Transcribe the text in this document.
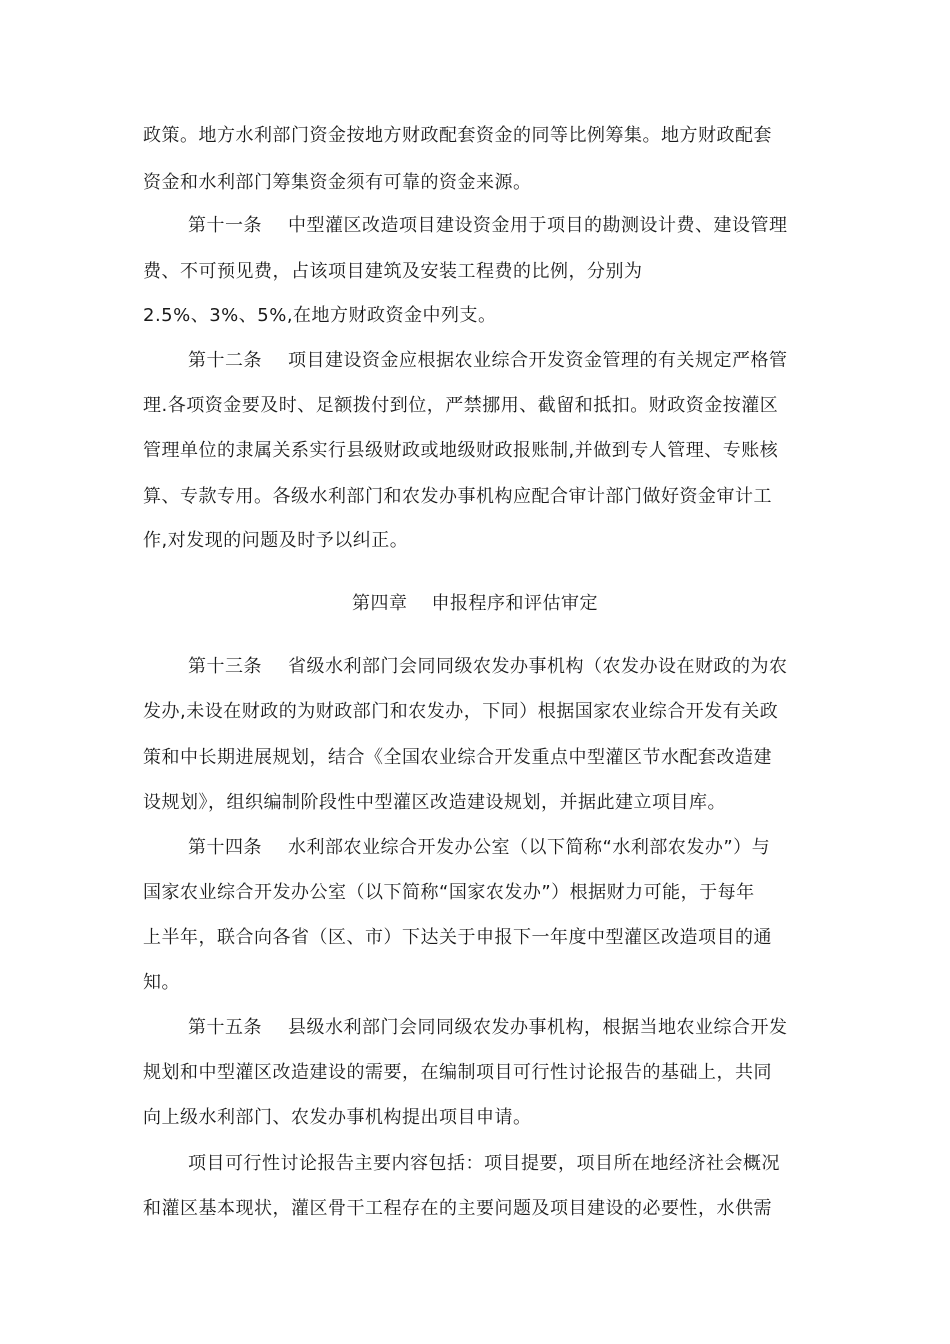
政策。地方水利部门资金按地方财政配套资金的同等比例筹集。地方财政配套
资金和水利部门筹集资金须有可靠的资金来源。
第十一条 中型灌区改造项目建设资金用于项目的勘测设计费、建设管理
费、不可预见费，占该项目建筑及安装工程费的比例，分别为
2.5%、3%、5%,在地方财政资金中列支。
第十二条 项目建设资金应根据农业综合开发资金管理的有关规定严格管
理.各项资金要及时、足额拨付到位，严禁挪用、截留和抵扣。财政资金按灌区
管理单位的隶属关系实行县级财政或地级财政报账制,并做到专人管理、专账核
算、专款专用。各级水利部门和农发办事机构应配合审计部门做好资金审计工
作,对发现的问题及时予以纠正。
第四章 申报程序和评估审定
第十三条 省级水利部门会同同级农发办事机构（农发办设在财政的为农
发办,未设在财政的为财政部门和农发办，下同）根据国家农业综合开发有关政
策和中长期进展规划，结合《全国农业综合开发重点中型灌区节水配套改造建
设规划》，组织编制阶段性中型灌区改造建设规划，并据此建立项目库。
第十四条 水利部农业综合开发办公室（以下简称“水利部农发办”）与
国家农业综合开发办公室（以下简称“国家农发办”）根据财力可能，于每年
上半年，联合向各省（区、市）下达关于申报下一年度中型灌区改造项目的通
知。
第十五条 县级水利部门会同同级农发办事机构，根据当地农业综合开发
规划和中型灌区改造建设的需要，在编制项目可行性讨论报告的基础上，共同
向上级水利部门、农发办事机构提出项目申请。
项目可行性讨论报告主要内容包括：项目提要，项目所在地经济社会概况
和灌区基本现状，灌区骨干工程存在的主要问题及项目建设的必要性，水供需
